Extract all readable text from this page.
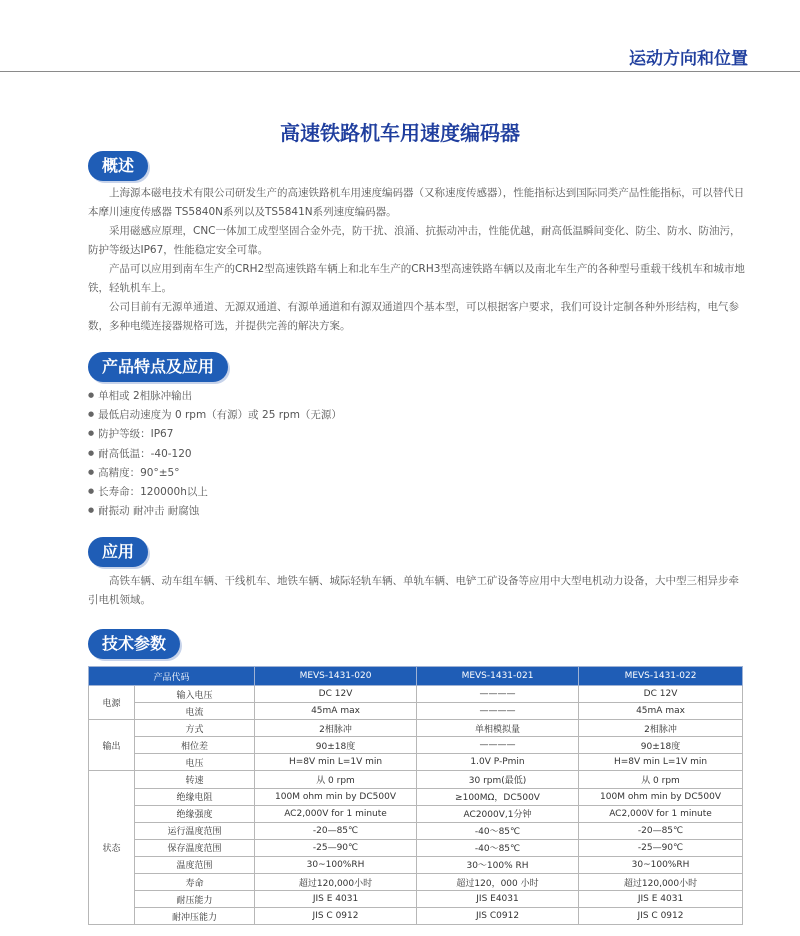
运动方向和位置
高速铁路机车用速度编码器
概述

上海源本磁电技术有限公司研发生产的高速铁路机车用速度编码器（又称速度传感器），性能指标达到国际同类产品性能指标，可以替代日本摩川速度传感器 TS5840N系列以及TS5841N系列速度编码器。

采用磁感应原理，CNC一体加工成型坚固合金外壳，防干扰、浪涌、抗振动冲击，性能优越，耐高低温瞬间变化、防尘、防水、防油污，防护等级达IP67，性能稳定安全可靠。

产品可以应用到南车生产的CRH2型高速铁路车辆上和北车生产的CRH3型高速铁路车辆以及南北车生产的各种型号重载干线机车和城市地铁，轻轨机车上。

公司目前有无源单通道、无源双通道、有源单通道和有源双通道四个基本型，可以根据客户要求，我们可设计定制各种外形结构，电气参数，多种电缆连接器规格可选，并提供完善的解决方案。

产品特点及应用
● 单相或 2相脉冲输出
● 最低启动速度为 0 rpm（有源）或 25 rpm（无源）
● 防护等级：IP67
● 耐高低温：-40-120
● 高精度：90°±5°
● 长寿命：120000h以上
● 耐振动 耐冲击 耐腐蚀
应用

高铁车辆、动车组车辆、干线机车、地铁车辆、城际轻轨车辆、单轨车辆、电铲工矿设备等应用中大型电机动力设备，大中型三相异步牵引电机领域。

技术参数
产品代码		MEVS-1431-020	MEVS-1431-021	MEVS-1431-022
电源	输入电压	DC 12V	————	DC 12V
	电流	45mA max	————	45mA max
输出	方式	2相脉冲	单相模拟量	2相脉冲
	相位差	90±18度	————	90±18度
	电压	H=8V min L=1V min	1.0V P-Pmin	H=8V min L=1V min
状态	转速	从 0 rpm	30 rpm(最低)	从 0 rpm
	绝缘电阻	100M ohm min by DC500V	≥100MΩ，DC500V	100M ohm min by DC500V
	绝缘强度	AC2,000V for 1 minute	AC2000V,1分钟	AC2,000V for 1 minute
	运行温度范围	-20—85℃	-40～85℃	-20—85℃
	保存温度范围	-25—90℃	-40～85℃	-25—90℃
	温度范围	30~100%RH	30～100% RH	30~100%RH
	寿命	超过120,000小时	超过120，000 小时	超过120,000小时
	耐压能力	JIS E 4031	JIS E4031	JIS E 4031
	耐冲压能力	JIS C 0912	JIS C0912	JIS C 0912
